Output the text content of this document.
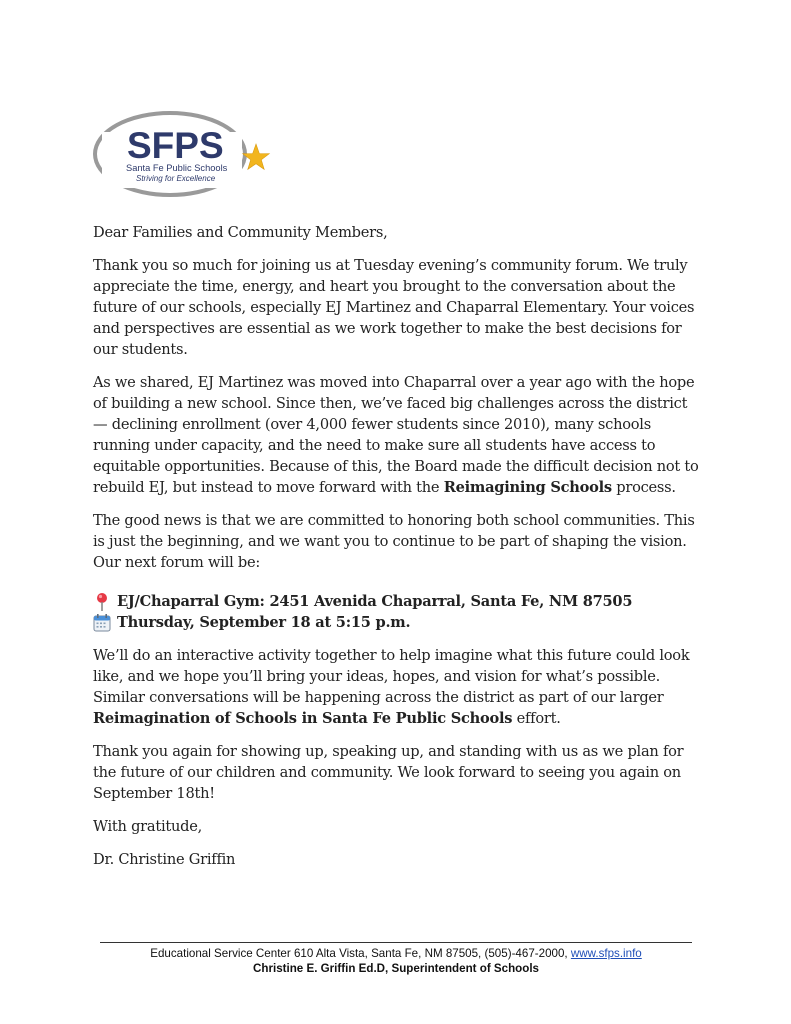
SFPS
Santa Fe Public Schools
Striving for Excellence

Dear Families and Community Members,

Thank you so much for joining us at Tuesday evening’s community forum. We truly appreciate the time, energy, and heart you brought to the conversation about the future of our schools, especially EJ Martinez and Chaparral Elementary. Your voices and perspectives are essential as we work together to make the best decisions for our students.

As we shared, EJ Martinez was moved into Chaparral over a year ago with the hope of building a new school. Since then, we’ve faced big challenges across the district — declining enrollment (over 4,000 fewer students since 2010), many schools running under capacity, and the need to make sure all students have access to equitable opportunities. Because of this, the Board made the difficult decision not to rebuild EJ, but instead to move forward with the Reimagining Schools process.

The good news is that we are committed to honoring both school communities. This is just the beginning, and we want you to continue to be part of shaping the vision. Our next forum will be:

EJ/Chaparral Gym: 2451 Avenida Chaparral, Santa Fe, NM 87505
Thursday, September 18 at 5:15 p.m.

We’ll do an interactive activity together to help imagine what this future could look like, and we hope you’ll bring your ideas, hopes, and vision for what’s possible. Similar conversations will be happening across the district as part of our larger Reimagination of Schools in Santa Fe Public Schools effort.

Thank you again for showing up, speaking up, and standing with us as we plan for the future of our children and community. We look forward to seeing you again on September 18th!

With gratitude,

Dr. Christine Griffin

Educational Service Center 610 Alta Vista, Santa Fe, NM 87505, (505)-467-2000, www.sfps.info
Christine E. Griffin Ed.D, Superintendent of Schools
